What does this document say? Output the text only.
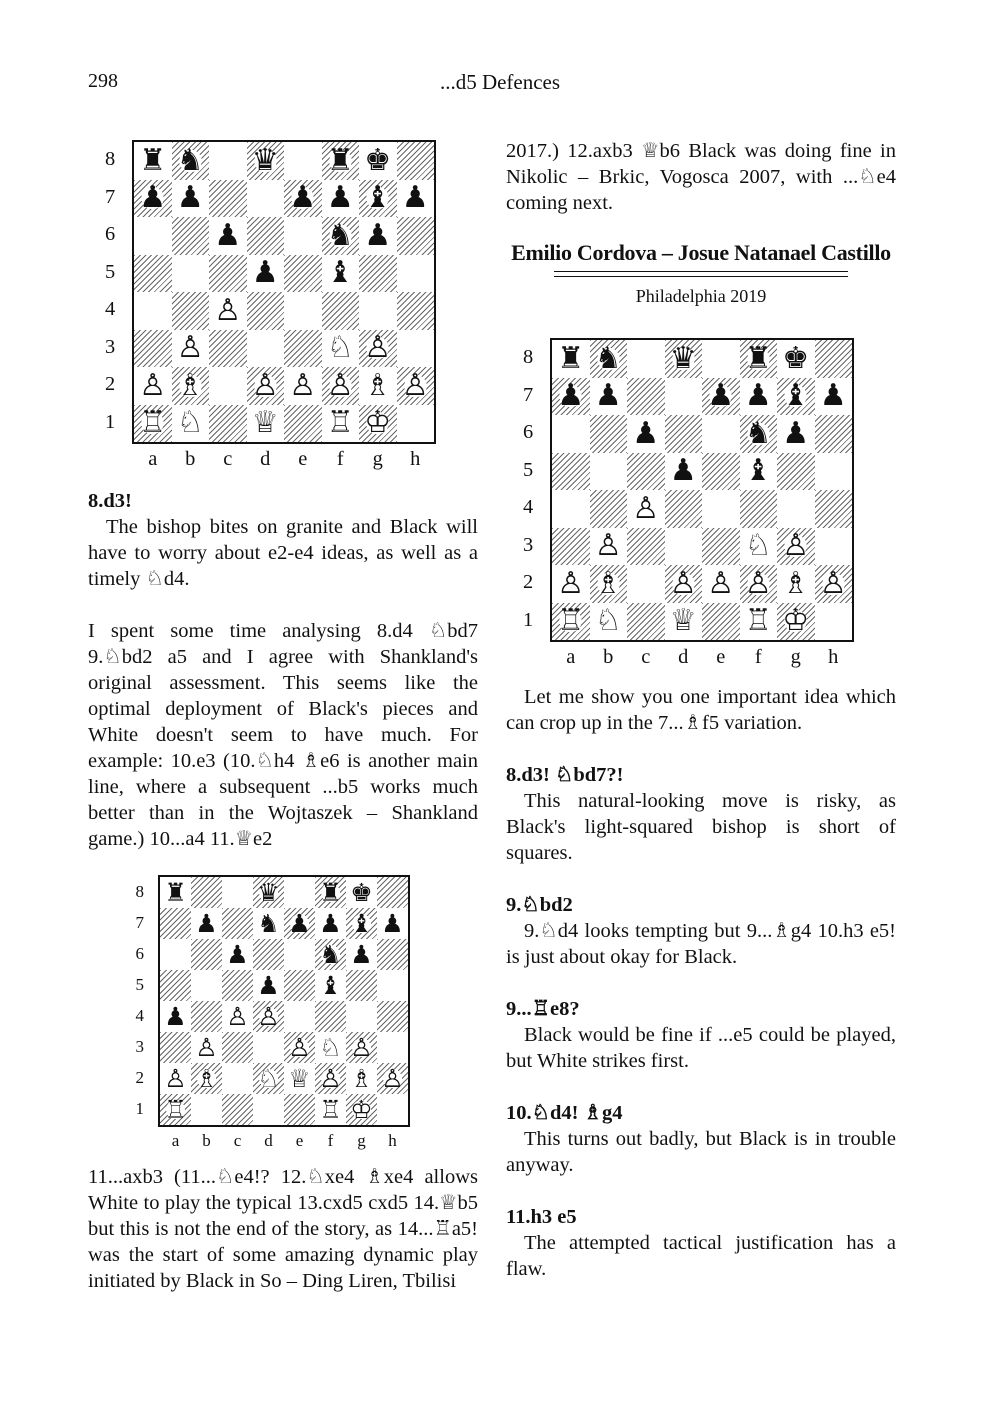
298	...d5 Defences
♜ ♞ ♛ ♜ ♚
♟ ♟	♟ ♟ ♝ ♟
♟	♞ ♟
♟ ♝
♙
♙	♘ ♙
♙ ♗ ♙ ♙ ♙ ♗ ♙
♖ ♘ ♕ ♖ ♔
8
7
6
5
4
3
2
1
a	b	c	d	e	f	g	h

8.d3!

The bishop bites on granite and Black will have to worry about e2-e4 ideas, as well as a timely ♘d4.

I spent some time analysing 8.d4 ♘bd7 9.♘bd2 a5 and I agree with Shankland's original assessment. This seems like the optimal deployment of Black's pieces and White doesn't seem to have much. For example: 10.e3 (10.♘h4 ♗e6 is another main line, where a subsequent ...b5 works much better than in the Wojtaszek – Shankland game.) 10...a4 11.♕e2

♜	♛ ♜ ♚
♟ ♞ ♟ ♟ ♝ ♟
♟	♞ ♟
♟ ♝
♟ ♙ ♙
♙	♙ ♘ ♙
♙ ♗ ♘ ♕ ♙ ♗ ♙
♖	♖ ♔
8
7
6
5
4
3
2
1
a	b	c	d	e	f	g	h

11...axb3 (11...♘e4!? 12.♘xe4 ♗xe4 allows White to play the typical 13.cxd5 cxd5 14.♕b5 but this is not the end of the story, as 14...♖a5! was the start of some amazing dynamic play initiated by Black in So – Ding Liren, Tbilisi

2017.) 12.axb3 ♕b6 Black was doing fine in Nikolic – Brkic, Vogosca 2007, with ...♘e4 coming next.

Emilio Cordova – Josue Natanael Castillo
Philadelphia 2019
♜ ♞ ♛ ♜ ♚
♟ ♟	♟ ♟ ♝ ♟
♟	♞ ♟
♟ ♝
♙
♙	♘ ♙
♙ ♗ ♙ ♙ ♙ ♗ ♙
♖ ♘ ♕ ♖ ♔
8
7
6
5
4
3
2
1
a	b	c	d	e	f	g	h

Let me show you one important idea which can crop up in the 7...♗f5 variation.

8.d3! ♘bd7?!

This natural-looking move is risky, as Black's light-squared bishop is short of squares.

9.♘bd2

9.♘d4 looks tempting but 9...♗g4 10.h3 e5! is just about okay for Black.

9...♖e8?

Black would be fine if ...e5 could be played, but White strikes first.

10.♘d4! ♗g4

This turns out badly, but Black is in trouble anyway.

11.h3 e5

The attempted tactical justification has a flaw.
